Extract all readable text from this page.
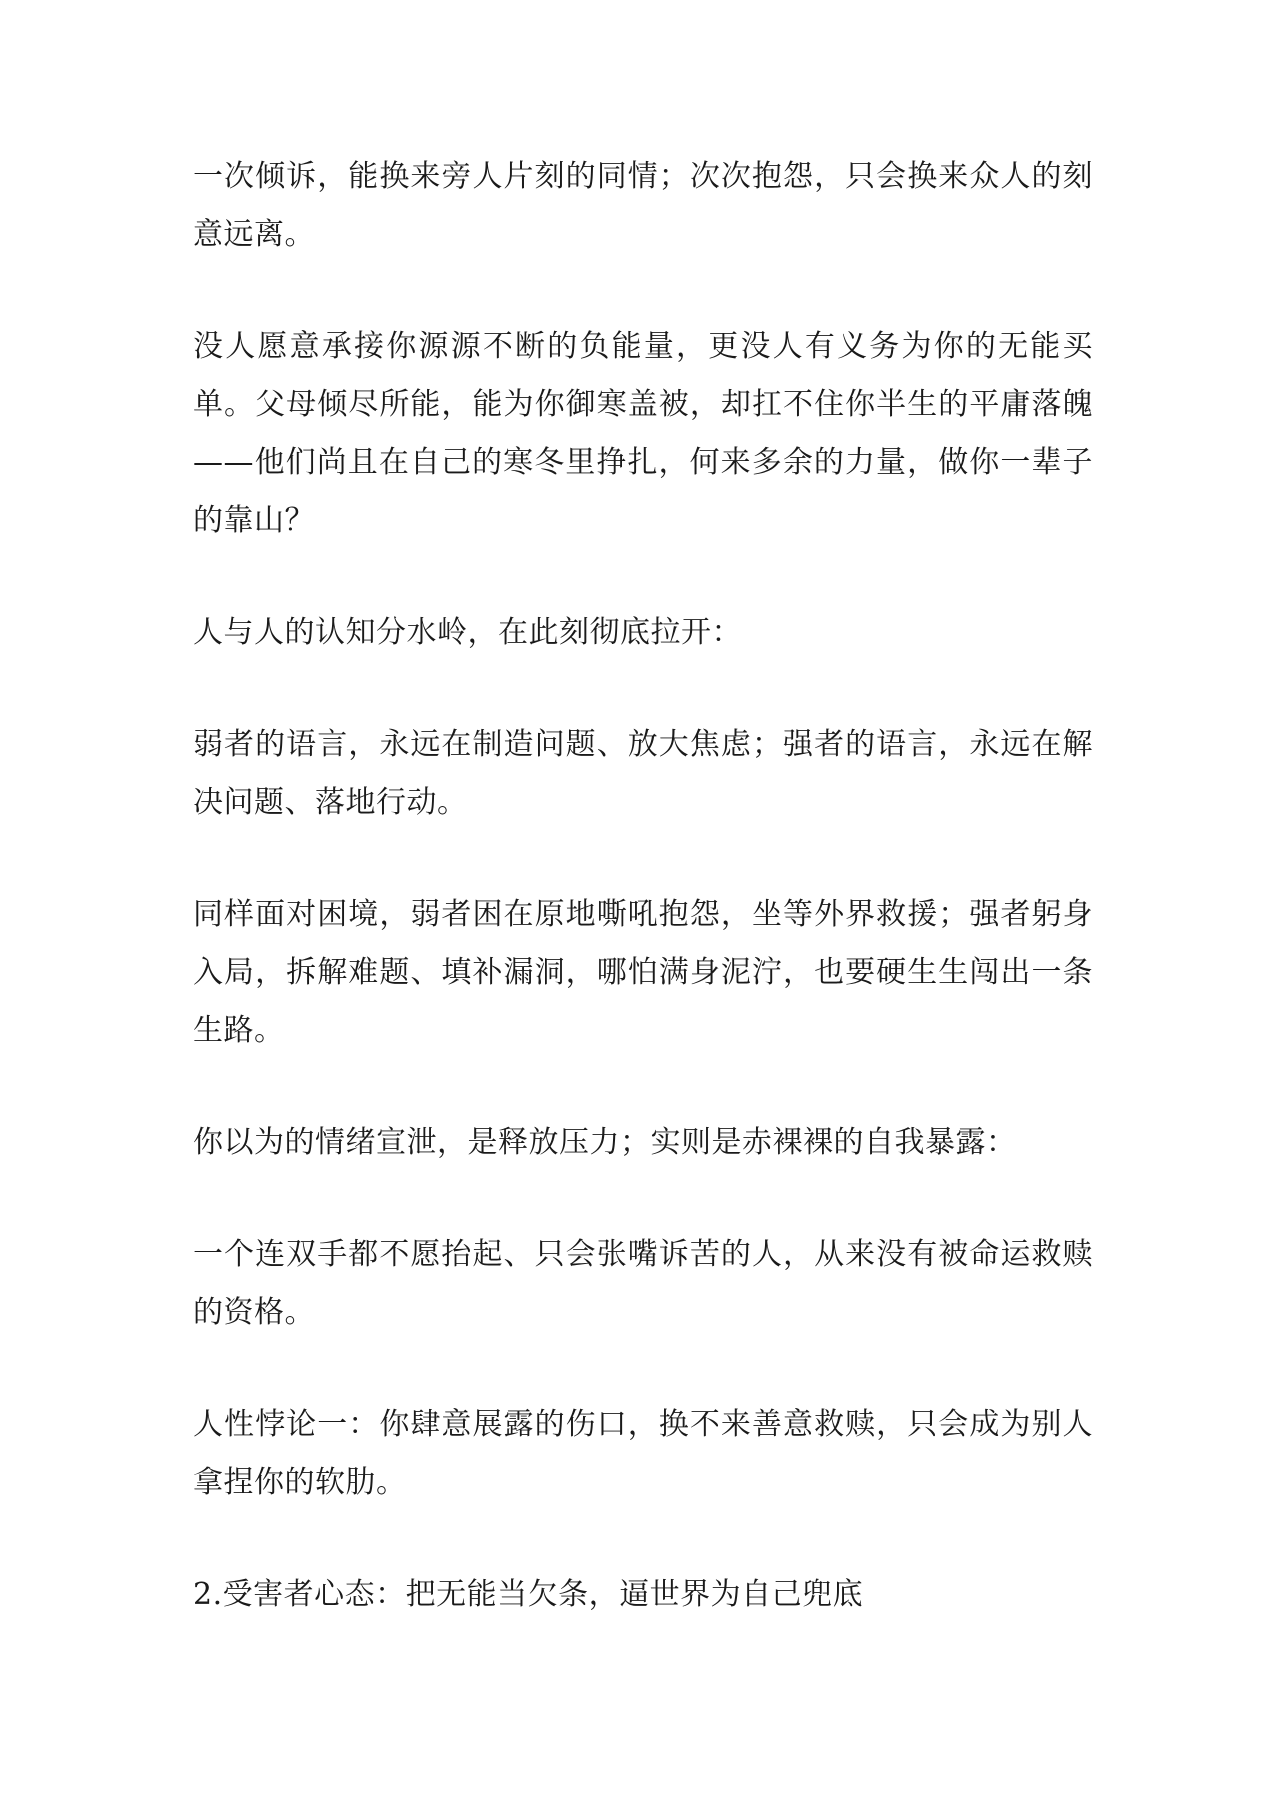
一次倾诉，能换来旁人片刻的同情；次次抱怨，只会换来众人的刻意远离。

没人愿意承接你源源不断的负能量，更没人有义务为你的无能买单。父母倾尽所能，能为你御寒盖被，却扛不住你半生的平庸落魄——他们尚且在自己的寒冬里挣扎，何来多余的力量，做你一辈子的靠山？

人与人的认知分水岭，在此刻彻底拉开：

弱者的语言，永远在制造问题、放大焦虑；强者的语言，永远在解决问题、落地行动。

同样面对困境，弱者困在原地嘶吼抱怨，坐等外界救援；强者躬身入局，拆解难题、填补漏洞，哪怕满身泥泞，也要硬生生闯出一条生路。

你以为的情绪宣泄，是释放压力；实则是赤裸裸的自我暴露：

一个连双手都不愿抬起、只会张嘴诉苦的人，从来没有被命运救赎的资格。

人性悖论一：你肆意展露的伤口，换不来善意救赎，只会成为别人拿捏你的软肋。

2.受害者心态：把无能当欠条，逼世界为自己兜底
